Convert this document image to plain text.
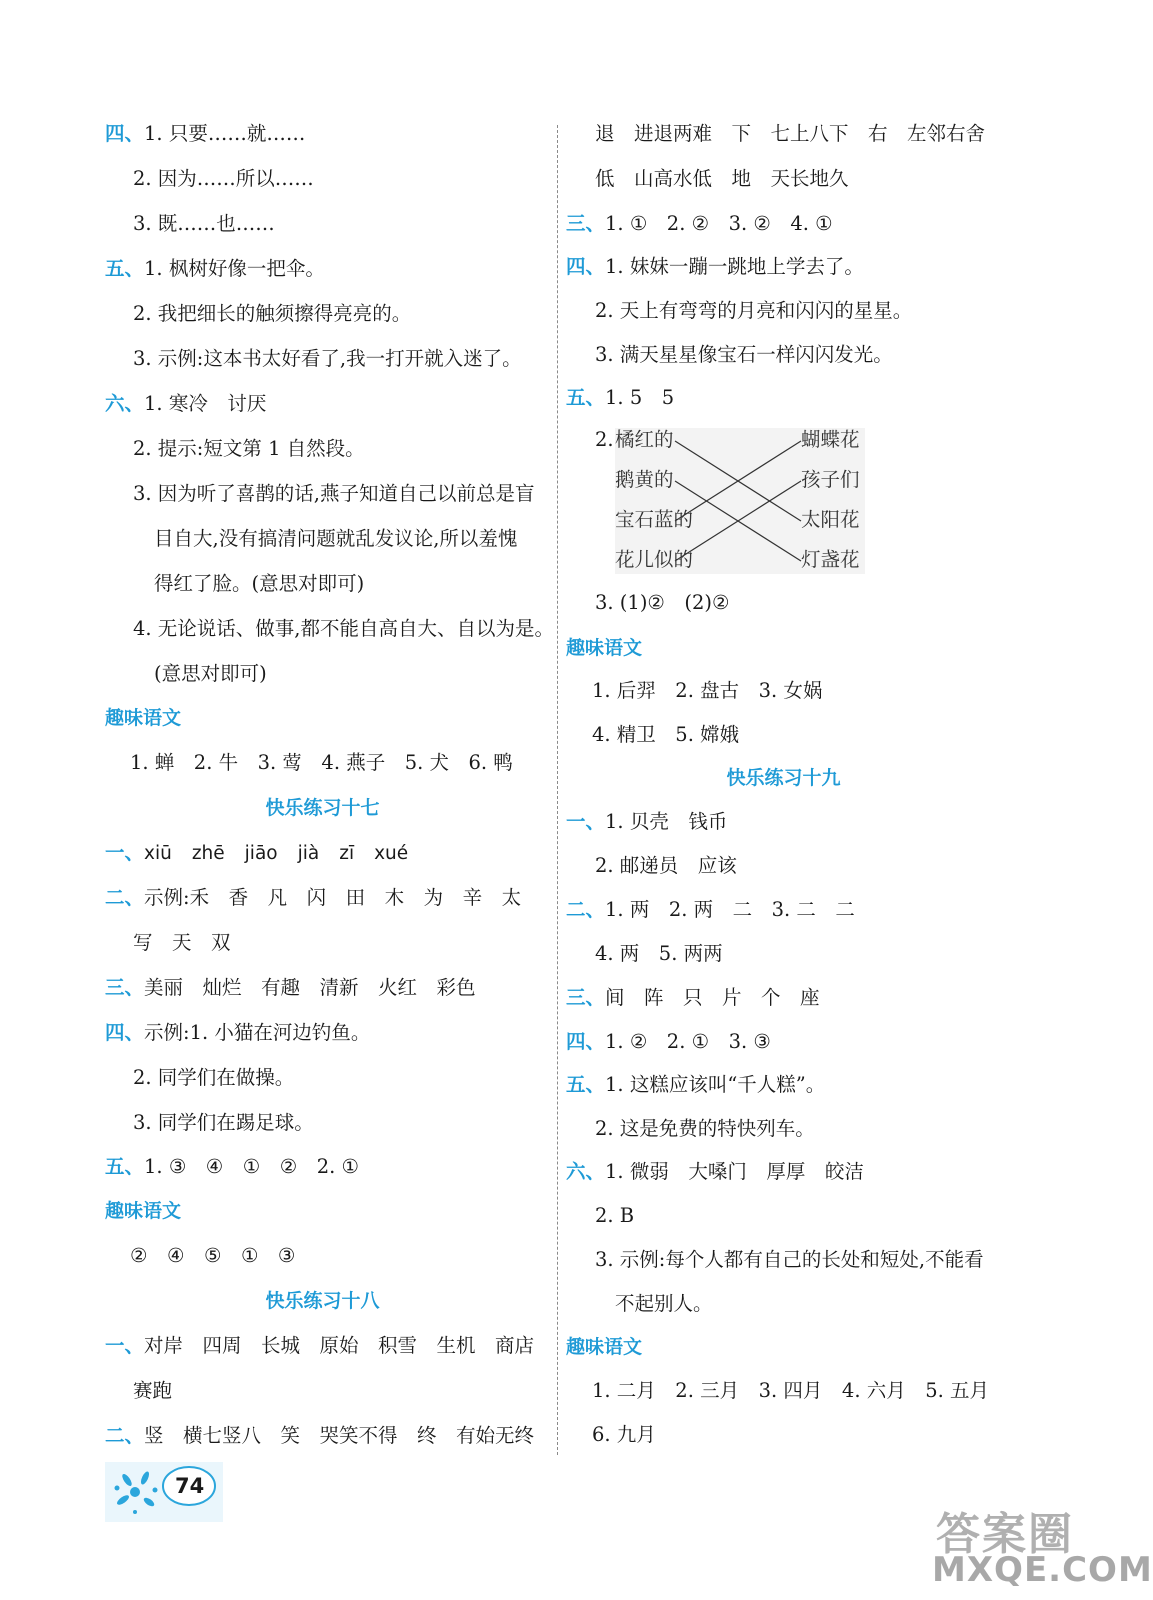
四、1. 只要……就……
2. 因为……所以……
3. 既……也……
五、1. 枫树好像一把伞。
2. 我把细长的触须擦得亮亮的。
3. 示例:这本书太好看了,我一打开就入迷了。
六、1. 寒冷　讨厌
2. 提示:短文第 1 自然段。
3. 因为听了喜鹊的话,燕子知道自己以前总是盲
目自大,没有搞清问题就乱发议论,所以羞愧
得红了脸。(意思对即可)
4. 无论说话、做事,都不能自高自大、自以为是。
(意思对即可)
趣味语文
1. 蝉　2. 牛　3. 莺　4. 燕子　5. 犬　6. 鸭
快乐练习十七
一、xiū zhē jiāo jià zī xué
二、示例:禾　香　凡　闪　田　木　为　辛　太
写　天　双
三、美丽　灿烂　有趣　清新　火红　彩色
四、示例:1. 小猫在河边钓鱼。
2. 同学们在做操。
3. 同学们在踢足球。
五、1. ③　④　①　②　2. ①
趣味语文
②　④　⑤　①　③
快乐练习十八
一、对岸　四周　长城　原始　积雪　生机　商店
赛跑
二、竖　横七竖八　笑　哭笑不得　终　有始无终
退　进退两难　下　七上八下　右　左邻右舍
低　山高水低　地　天长地久
三、1. ①　2. ②　3. ②　4. ①
四、1. 妹妹一蹦一跳地上学去了。
2. 天上有弯弯的月亮和闪闪的星星。
3. 满天星星像宝石一样闪闪发光。
五、1. 5　5
2. 橘红的
鹅黄的
宝石蓝的
花儿似的
蝴蝶花
孩子们
太阳花
灯盏花
3. (1)②　(2)②
趣味语文
1. 后羿　2. 盘古　3. 女娲
4. 精卫　5. 嫦娥
快乐练习十九
一、1. 贝壳　钱币
2. 邮递员　应该
二、1. 两　2. 两　二　3. 二　二
4. 两　5. 两两
三、间　阵　只　片　个　座
四、1. ②　2. ①　3. ③
五、1. 这糕应该叫“千人糕”。
2. 这是免费的特快列车。
六、1. 微弱　大嗓门　厚厚　皎洁
2. B
3. 示例:每个人都有自己的长处和短处,不能看
不起别人。
趣味语文
1. 二月　2. 三月　3. 四月　4. 六月　5. 五月
6. 九月
74
答案圈
MXQE.COM
